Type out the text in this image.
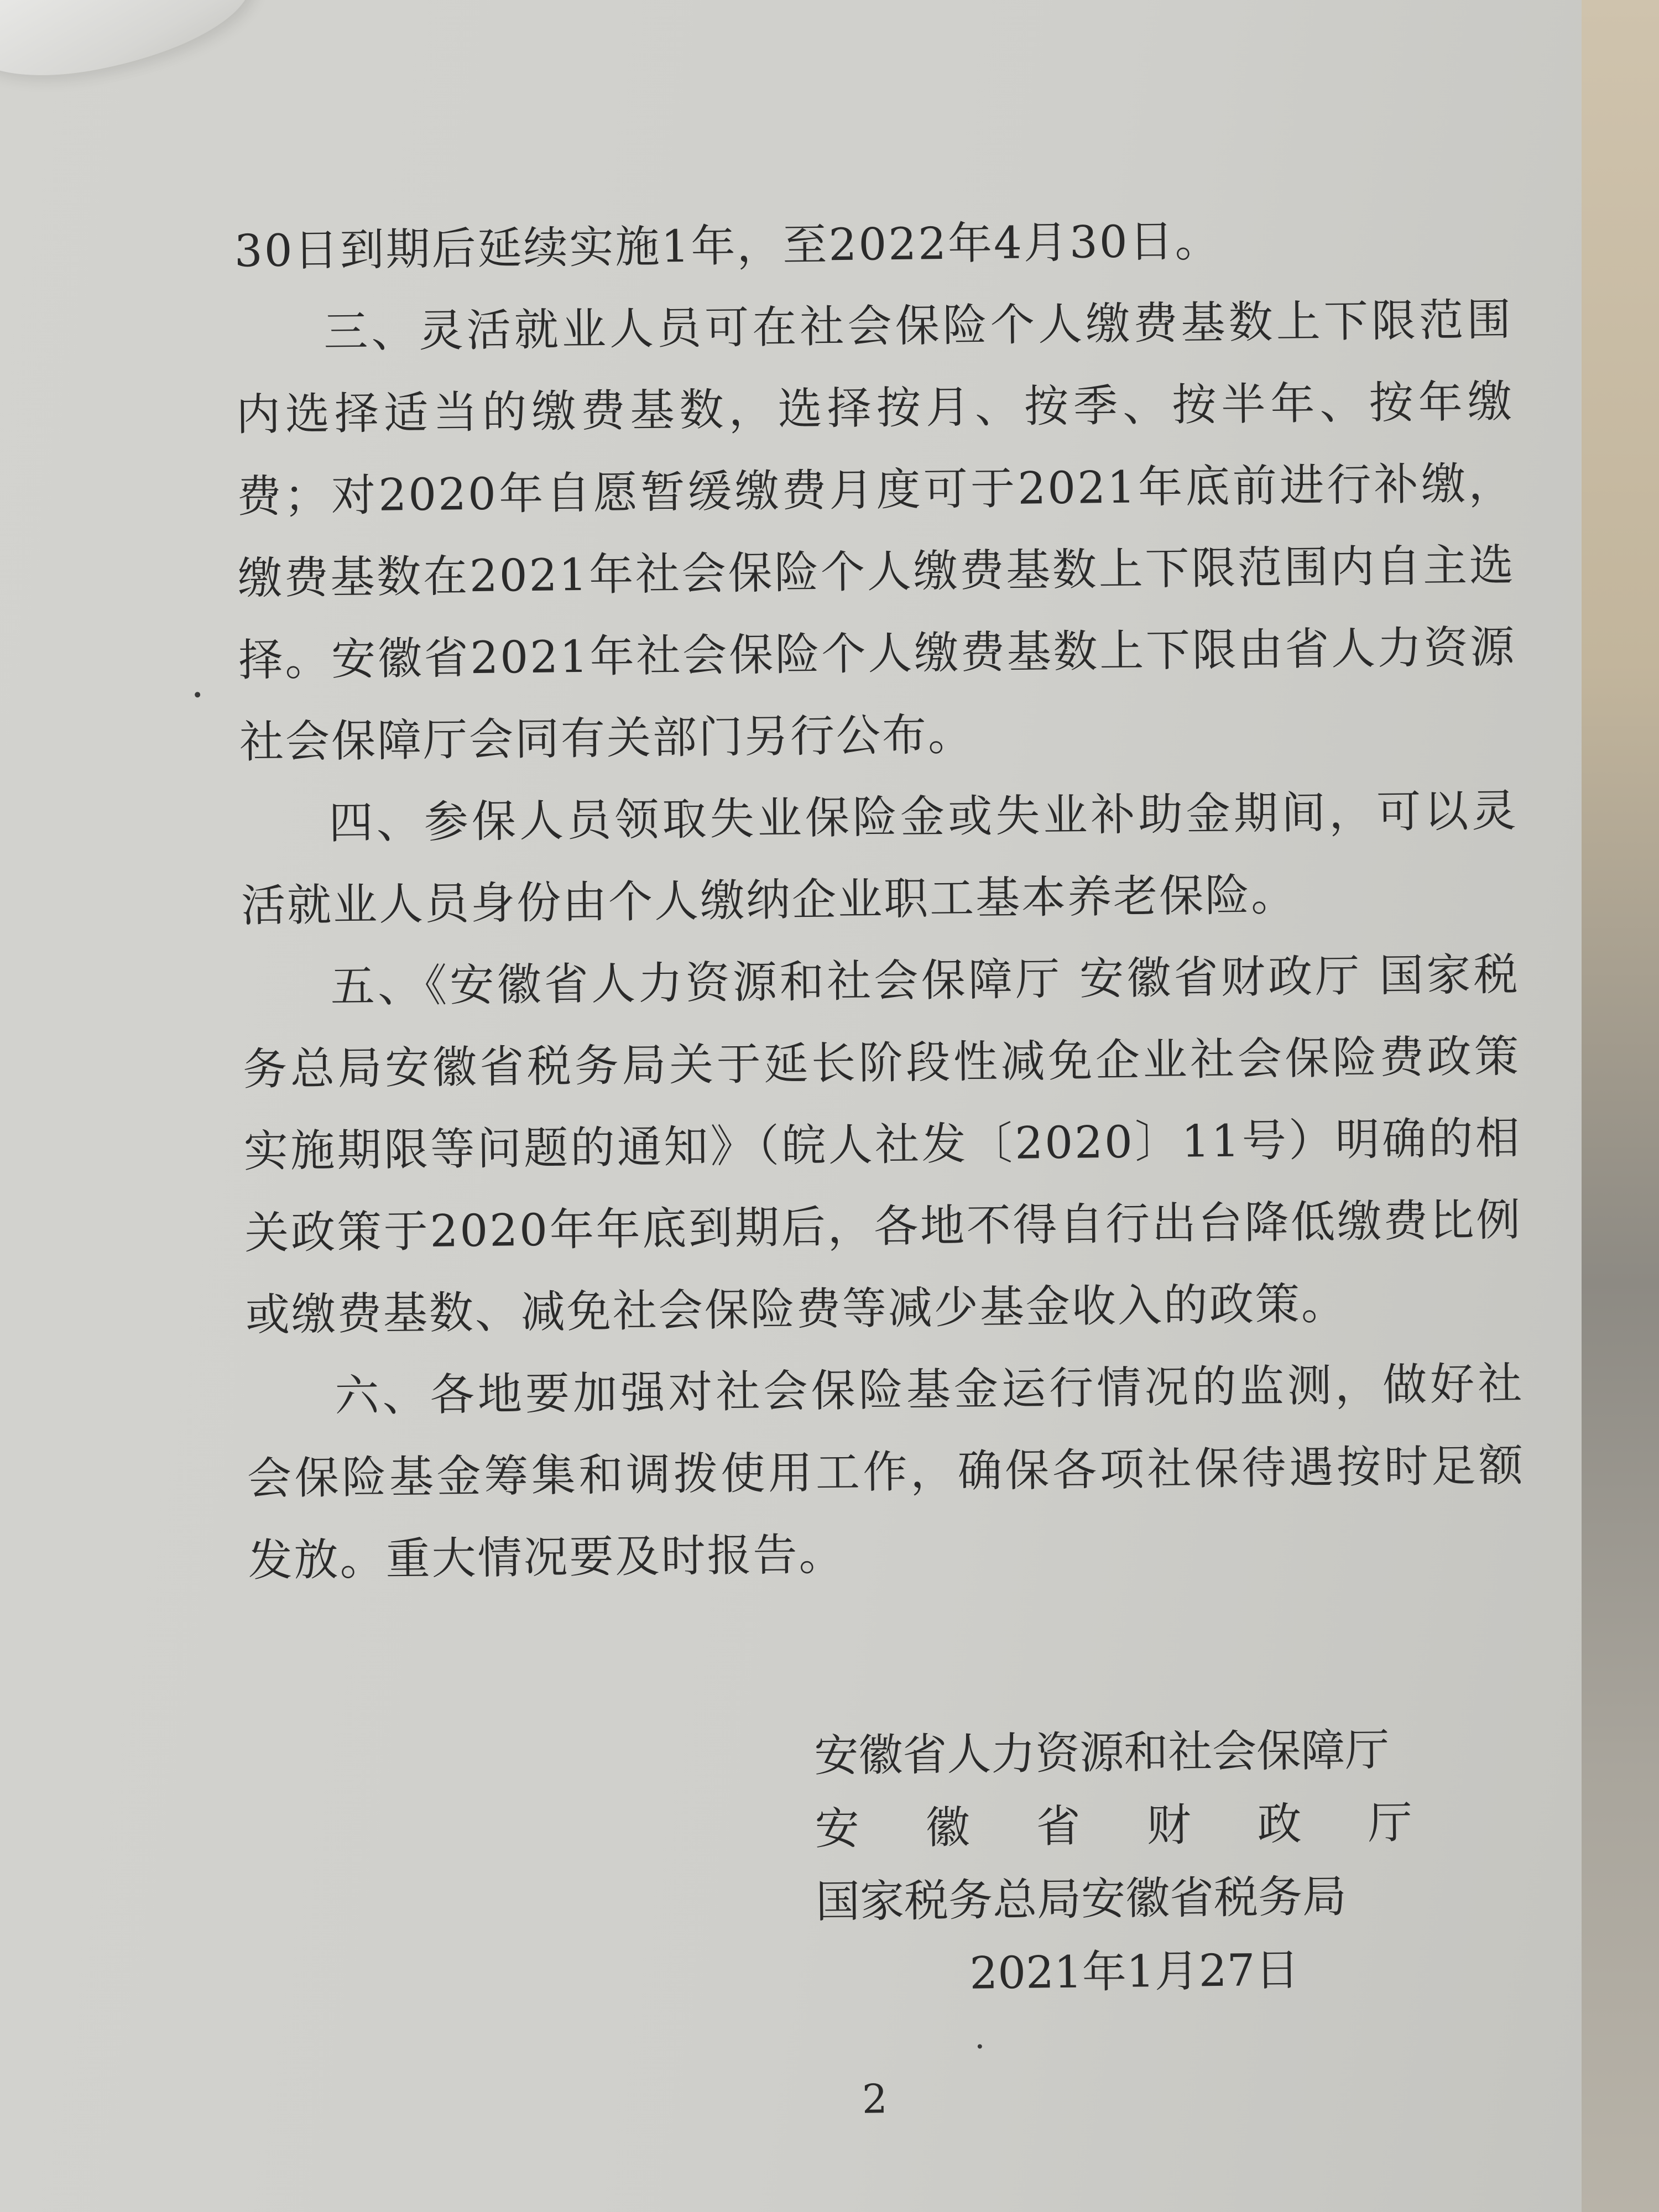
30日到期后延续实施1年，至2022年4月30日。

三、灵活就业人员可在社会保险个人缴费基数上下限范围内选择适当的缴费基数，选择按月、按季、按半年、按年缴费；对2020年自愿暂缓缴费月度可于2021年底前进行补缴，缴费基数在2021年社会保险个人缴费基数上下限范围内自主选择。安徽省2021年社会保险个人缴费基数上下限由省人力资源社会保障厅会同有关部门另行公布。

四、参保人员领取失业保险金或失业补助金期间，可以灵活就业人员身份由个人缴纳企业职工基本养老保险。

五、《安徽省人力资源和社会保障厅 安徽省财政厅 国家税务总局安徽省税务局关于延长阶段性减免企业社会保险费政策实施期限等问题的通知》（皖人社发〔2020〕11号）明确的相关政策于2020年年底到期后，各地不得自行出台降低缴费比例或缴费基数、减免社会保险费等减少基金收入的政策。

六、各地要加强对社会保险基金运行情况的监测，做好社会保险基金筹集和调拨使用工作，确保各项社保待遇按时足额发放。重大情况要及时报告。

安徽省人力资源和社会保障厅
安 徽 省 财 政 厅
国家税务总局安徽省税务局
2021年1月27日
2
